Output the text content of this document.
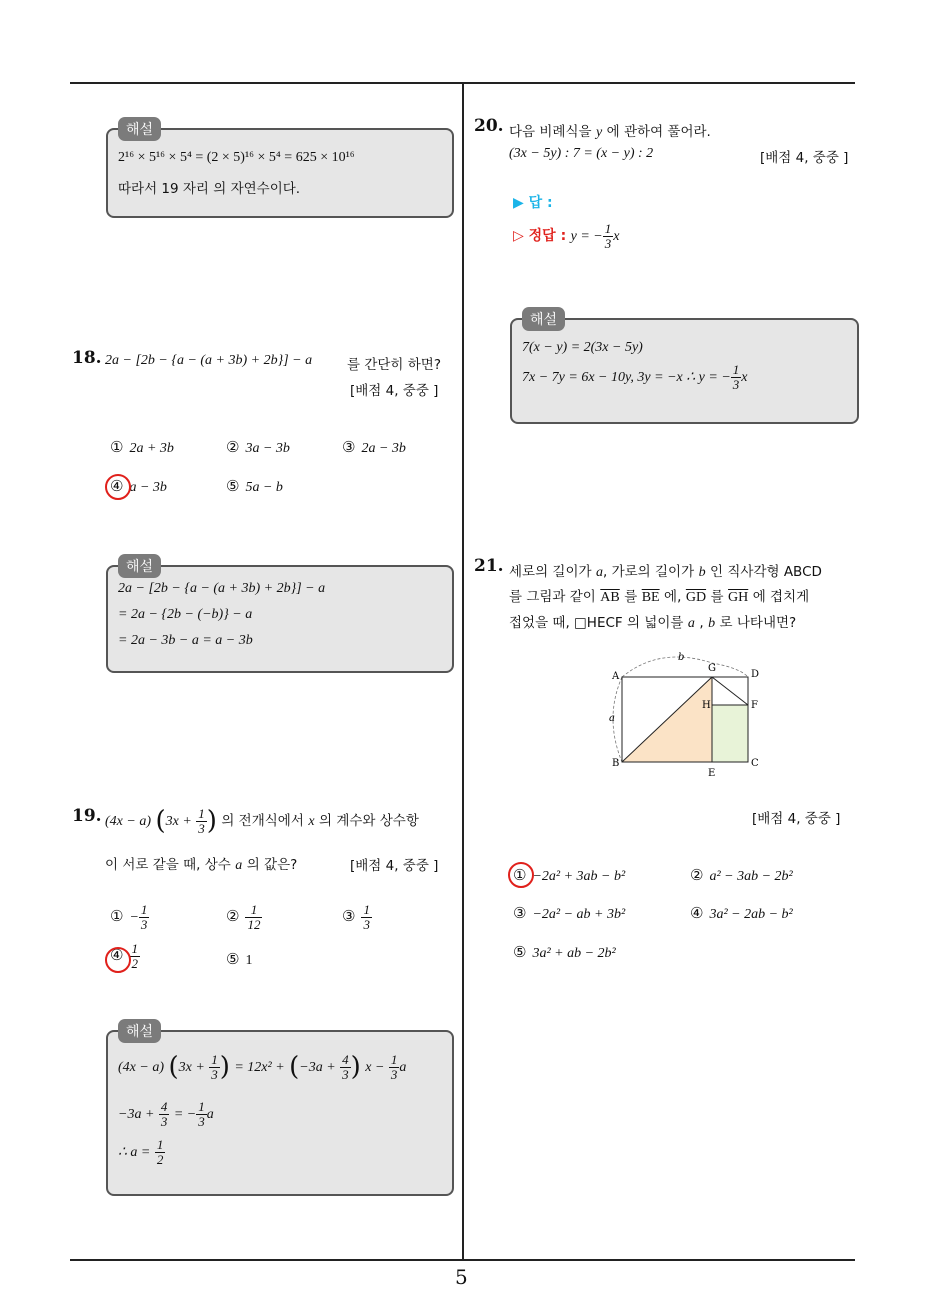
5
해설
2¹⁶ × 5¹⁶ × 5⁴ = (2 × 5)¹⁶ × 5⁴ = 625 × 10¹⁶
따라서 19 자리 의 자연수이다.
18. 2a − [2b − {a − (a + 3b) + 2b}] − a	를 간단히 하면?
[배점 4, 중중 ]
① 2a + 3b	② 3a − 3b	③ 2a − 3b
④ a − 3b	⑤ 5a − b
해설
2a − [2b − {a − (a + 3b) + 2b}] − a
= 2a − {2b − (−b)} − a
= 2a − 3b − a = a − 3b
19. (4x − a) ($3x + \frac{1}{3}$ ) 의 전개식에서 x 의 계수와 상수항
이 서로 같을 때, 상수 a 의 값은?	[배점 4, 중중 ]
① − $\frac{1}{3}$	② $\frac{1}{12}$	③ $\frac{1}{3}$
④ $\frac{1}{2}$	⑤ 1
해설
(4x − a) ($3x + \frac{1}{3}$ ) = $12x^2 + (-3a + \frac{4}{3}$ ) $x - \frac{1}{3}$ a
$-3a + \frac{4}{3}$ = − $\frac{1}{3}$ a
∴ $a = \frac{1}{2}$
20. 다음 비례식을 y 에 관하여 풀어라.
(3x − 5y) : 7 = (x − y) : 2	[배점 4, 중중 ]
▶ 답 :
▷ 정답 : y = − $\frac{1}{3}$ x
해설
7(x − y) = 2(3x − 5y)
7x − 7y = 6x − 10y, 3y = −x ∴ y = − $\frac{1}{3}$ x
21. 세로의 길이가 a, 가로의 길이가 b 인 직사각형 ABCD
를 그림과 같이 $\overline{AB}$ 를 $\overline{BE}$ 에, $\overline{GD}$ 를 $\overline{GH}$ 에 겹치게
접었을 때, □HECF 의 넓이를 a , b 로 나타내면?
A
B	C
D
E
F
G
H
a
b
[배점 4, 중중 ]
① −2a² + 3ab − b²	② a² − 3ab − 2b²
③ −2a² − ab + 3b²	④ 3a² − 2ab − b²
⑤ 3a² + ab − 2b²
